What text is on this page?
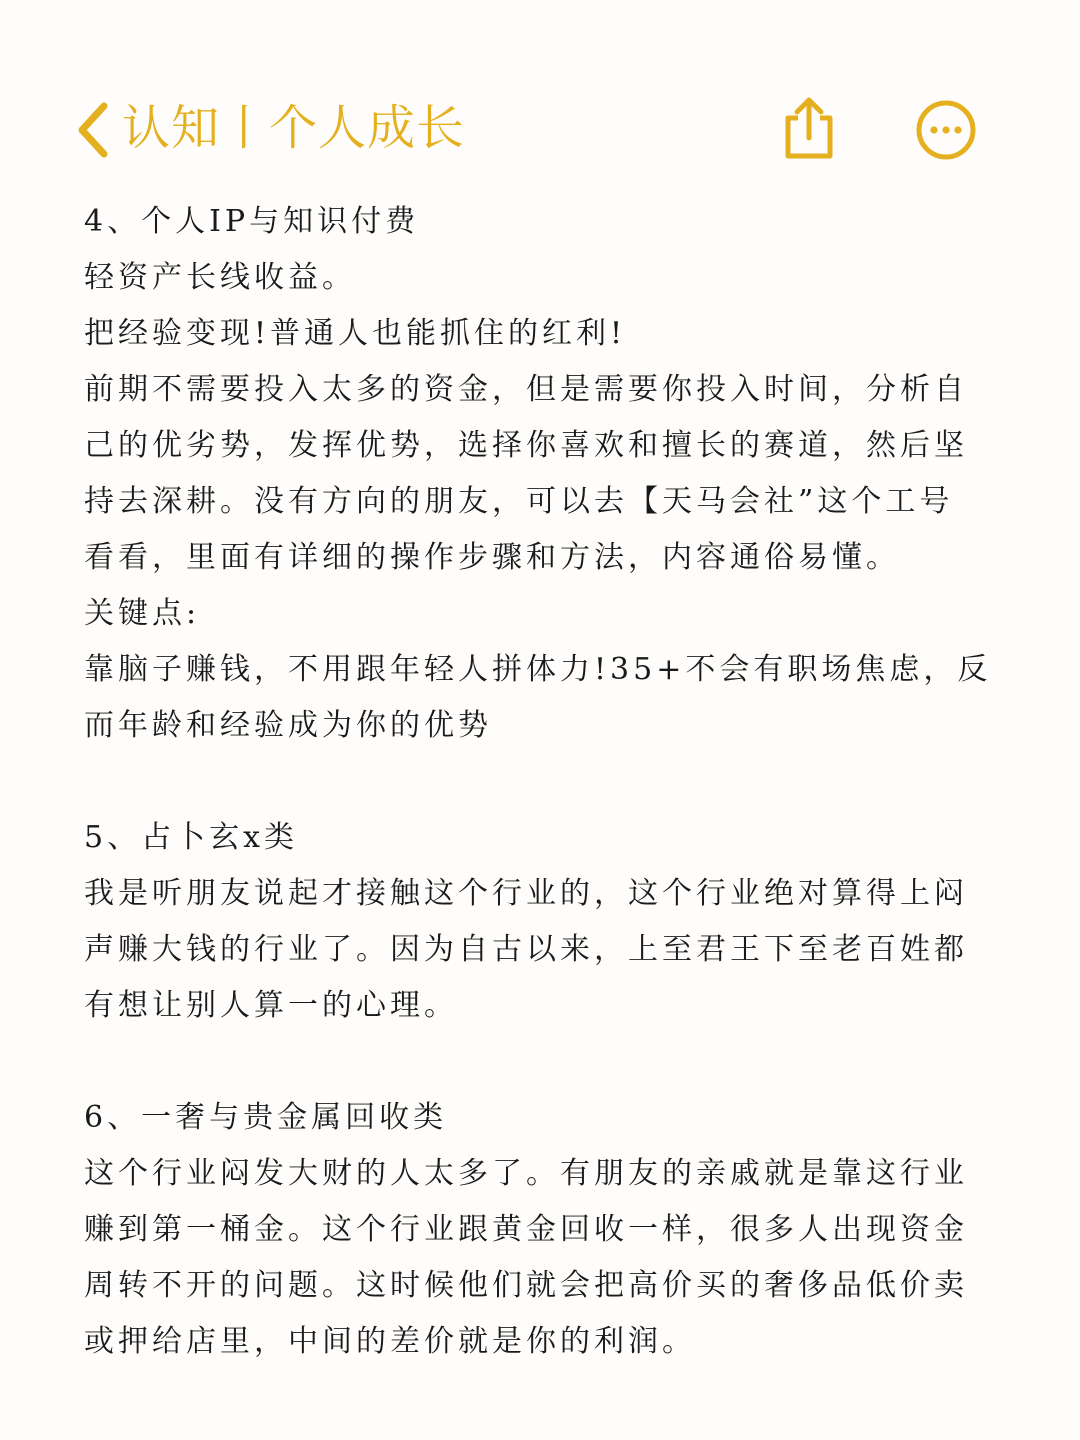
认知丨个人成长
4、个人IP与知识付费
轻资产长线收益。
把经验变现!普通人也能抓住的红利!
前期不需要投入太多的资金，但是需要你投入时间，分析自
己的优劣势，发挥优势，选择你喜欢和擅长的赛道，然后坚
持去深耕。没有方向的朋友，可以去【天马会社”这个工号
看看，里面有详细的操作步骤和方法，内容通俗易懂。
关键点:
靠脑子赚钱，不用跟年轻人拼体力!35+不会有职场焦虑，反
而年龄和经验成为你的优势
5、占卜玄x类
我是听朋友说起才接触这个行业的，这个行业绝对算得上闷
声赚大钱的行业了。因为自古以来，上至君王下至老百姓都
有想让别人算一的心理。
6、一奢与贵金属回收类
这个行业闷发大财的人太多了。有朋友的亲戚就是靠这行业
赚到第一桶金。这个行业跟黄金回收一样，很多人出现资金
周转不开的问题。这时候他们就会把高价买的奢侈品低价卖
或押给店里，中间的差价就是你的利润。
